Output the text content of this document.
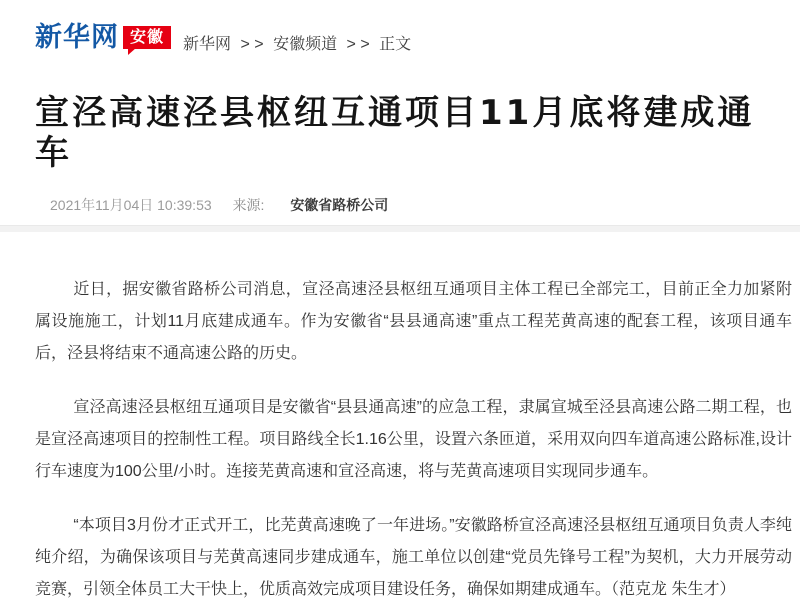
新华网 安徽	新华网 > > 安徽频道 > > 正文
宣泾高速泾县枢纽互通项目11月底将建成通车
2021年11月04日 10:39:53 来源: 安徽省路桥公司

近日，据安徽省路桥公司消息，宣泾高速泾县枢纽互通项目主体工程已全部完工，目前正全力加紧附属设施施工，计划11月底建成通车。作为安徽省“县县通高速”重点工程芜黄高速的配套工程，该项目通车后，泾县将结束不通高速公路的历史。

宣泾高速泾县枢纽互通项目是安徽省“县县通高速”的应急工程，隶属宣城至泾县高速公路二期工程，也是宣泾高速项目的控制性工程。项目路线全长1.16公里，设置六条匝道，采用双向四车道高速公路标准,设计行车速度为100公里/小时。连接芜黄高速和宣泾高速，将与芜黄高速项目实现同步通车。

“本项目3月份才正式开工，比芜黄高速晚了一年进场。”安徽路桥宣泾高速泾县枢纽互通项目负责人李纯纯介绍，为确保该项目与芜黄高速同步建成通车，施工单位以创建“党员先锋号工程”为契机，大力开展劳动竞赛，引领全体员工大干快上，优质高效完成项目建设任务，确保如期建成通车。（范克龙 朱生才）
